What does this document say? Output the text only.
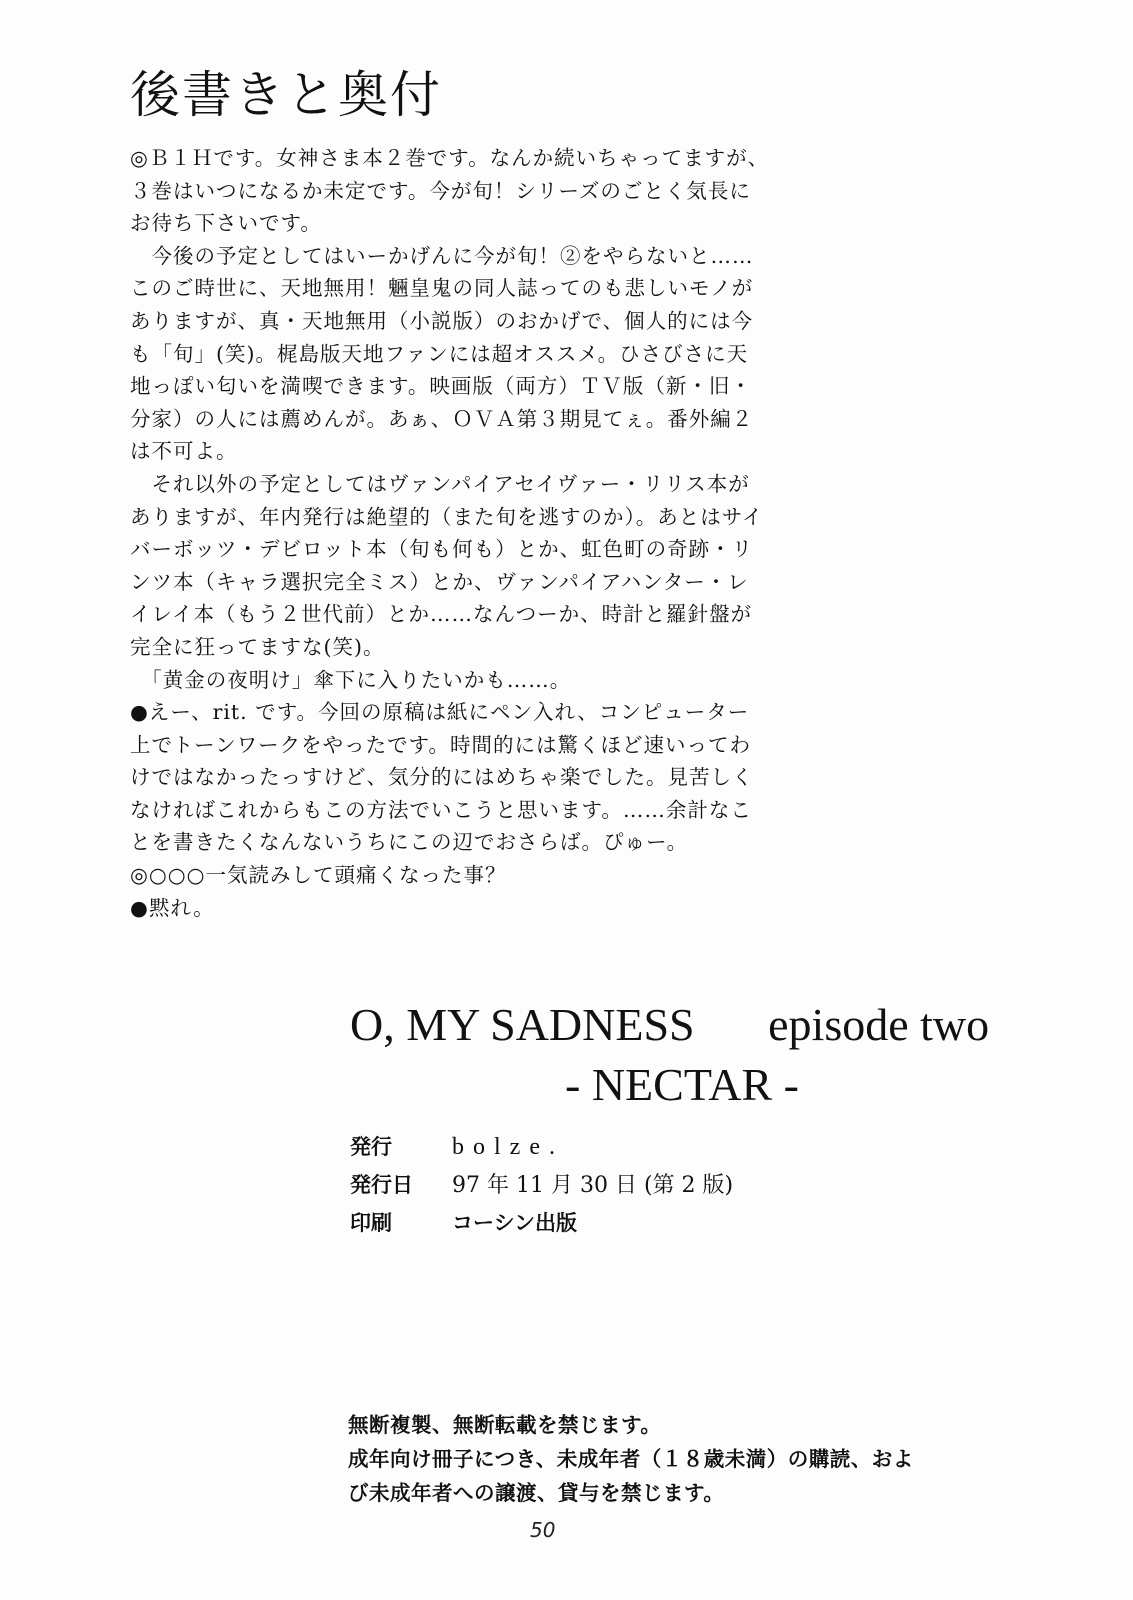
後書きと奥付
◎Ｂ１Ｈです。女神さま本２巻です。なんか続いちゃってますが、
３巻はいつになるか未定です。今が旬！シリーズのごとく気長に
お待ち下さいです。
　今後の予定としてはいーかげんに今が旬！②をやらないと……
このご時世に、天地無用！魎皇鬼の同人誌ってのも悲しいモノが
ありますが、真・天地無用（小説版）のおかげで、個人的には今
も「旬」(笑)。梶島版天地ファンには超オススメ。ひさびさに天
地っぽい匂いを満喫できます。映画版（両方）ＴＶ版（新・旧・
分家）の人には薦めんが。あぁ、ＯＶＡ第３期見てぇ。番外編２
は不可よ。
　それ以外の予定としてはヴァンパイアセイヴァー・リリス本が
ありますが、年内発行は絶望的（また旬を逃すのか）。あとはサイ
バーボッツ・デビロット本（旬も何も）とか、虹色町の奇跡・リ
ンツ本（キャラ選択完全ミス）とか、ヴァンパイアハンター・レ
イレイ本（もう２世代前）とか……なんつーか、時計と羅針盤が
完全に狂ってますな(笑)。
　「黄金の夜明け」傘下に入りたいかも……。
●えー、rit. です。今回の原稿は紙にペン入れ、コンピューター
上でトーンワークをやったです。時間的には驚くほど速いってわ
けではなかったっすけど、気分的にはめちゃ楽でした。見苦しく
なければこれからもこの方法でいこうと思います。……余計なこ
とを書きたくなんないうちにこの辺でおさらば。ぴゅー。
◎○○○一気読みして頭痛くなった事？
●黙れ。
O, MY SADNESS episode two
- NECTAR -
発行	bolze.
発行日 97 年 11 月 30 日 (第 2 版)
印刷	コーシン出版
無断複製、無断転載を禁じます。
成年向け冊子につき、未成年者（１８歳未満）の購読、およ
び未成年者への譲渡、貸与を禁じます。
50
